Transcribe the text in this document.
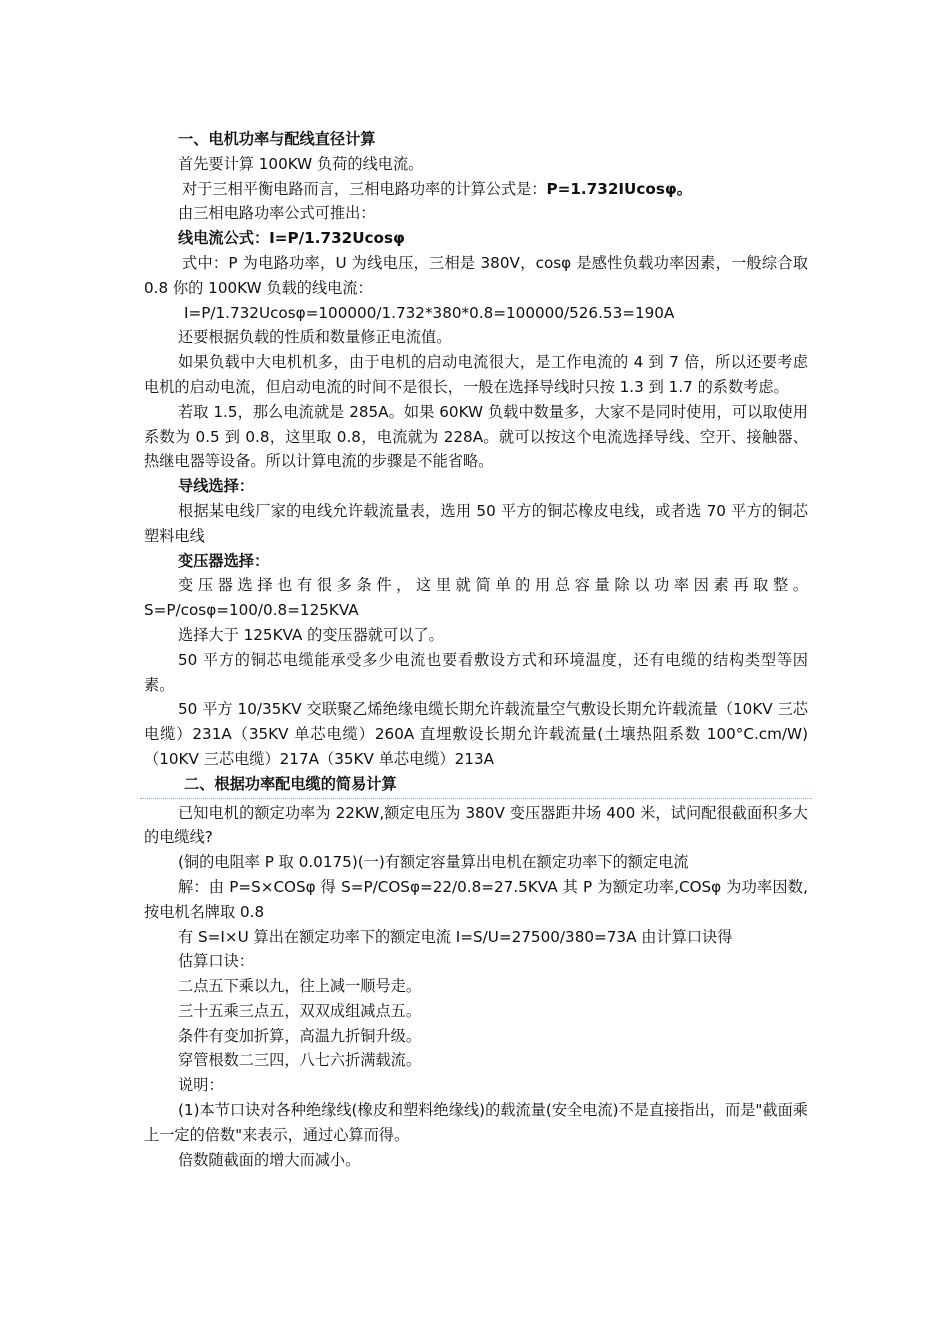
一、电机功率与配线直径计算

首先要计算 100KW 负荷的线电流。

对于三相平衡电路而言，三相电路功率的计算公式是：P=1.732IUcosφ。

由三相电路功率公式可推出：

线电流公式：I=P/1.732Ucosφ

式中：P 为电路功率，U 为线电压，三相是 380V，cosφ 是感性负载功率因素，一般综合取 0.8 你的 100KW 负载的线电流：

I=P/1.732Ucosφ=100000/1.732*380*0.8=100000/526.53=190A

还要根据负载的性质和数量修正电流值。

如果负载中大电机机多，由于电机的启动电流很大，是工作电流的 4 到 7 倍，所以还要考虑电机的启动电流，但启动电流的时间不是很长，一般在选择导线时只按 1.3 到 1.7 的系数考虑。

若取 1.5，那么电流就是 285A。如果 60KW 负载中数量多，大家不是同时使用，可以取使用系数为 0.5 到 0.8，这里取 0.8，电流就为 228A。就可以按这个电流选择导线、空开、接触器、热继电器等设备。所以计算电流的步骤是不能省略。

导线选择：

根据某电线厂家的电线允许载流量表，选用 50 平方的铜芯橡皮电线，或者选 70 平方的铜芯塑料电线

变压器选择：

变压器选择也有很多条件，这里就简单的用总容量除以功率因素再取整。 S=P/cosφ=100/0.8=125KVA

选择大于 125KVA 的变压器就可以了。

50 平方的铜芯电缆能承受多少电流也要看敷设方式和环境温度，还有电缆的结构类型等因素。

50 平方 10/35KV 交联聚乙烯绝缘电缆长期允许载流量空气敷设长期允许载流量（10KV 三芯电缆）231A（35KV 单芯电缆）260A 直埋敷设长期允许载流量(土壤热阻系数 100°C.cm/W)（10KV 三芯电缆）217A（35KV 单芯电缆）213A

二、根据功率配电缆的简易计算

已知电机的额定功率为 22KW,额定电压为 380V 变压器距井场 400 米，试问配很截面积多大的电缆线?

(铜的电阻率 P 取 0.0175)(一)有额定容量算出电机在额定功率下的额定电流

解：由 P=S×COSφ 得 S=P/COSφ=22/0.8=27.5KVA 其 P 为额定功率,COSφ 为功率因数,按电机名牌取 0.8

有 S=I×U 算出在额定功率下的额定电流 I=S/U=27500/380=73A 由计算口诀得

估算口诀：

二点五下乘以九，往上减一顺号走。

三十五乘三点五，双双成组减点五。

条件有变加折算，高温九折铜升级。

穿管根数二三四，八七六折满载流。

说明：

(1)本节口诀对各种绝缘线(橡皮和塑料绝缘线)的载流量(安全电流)不是直接指出，而是"截面乘上一定的倍数"来表示，通过心算而得。

倍数随截面的增大而减小。
